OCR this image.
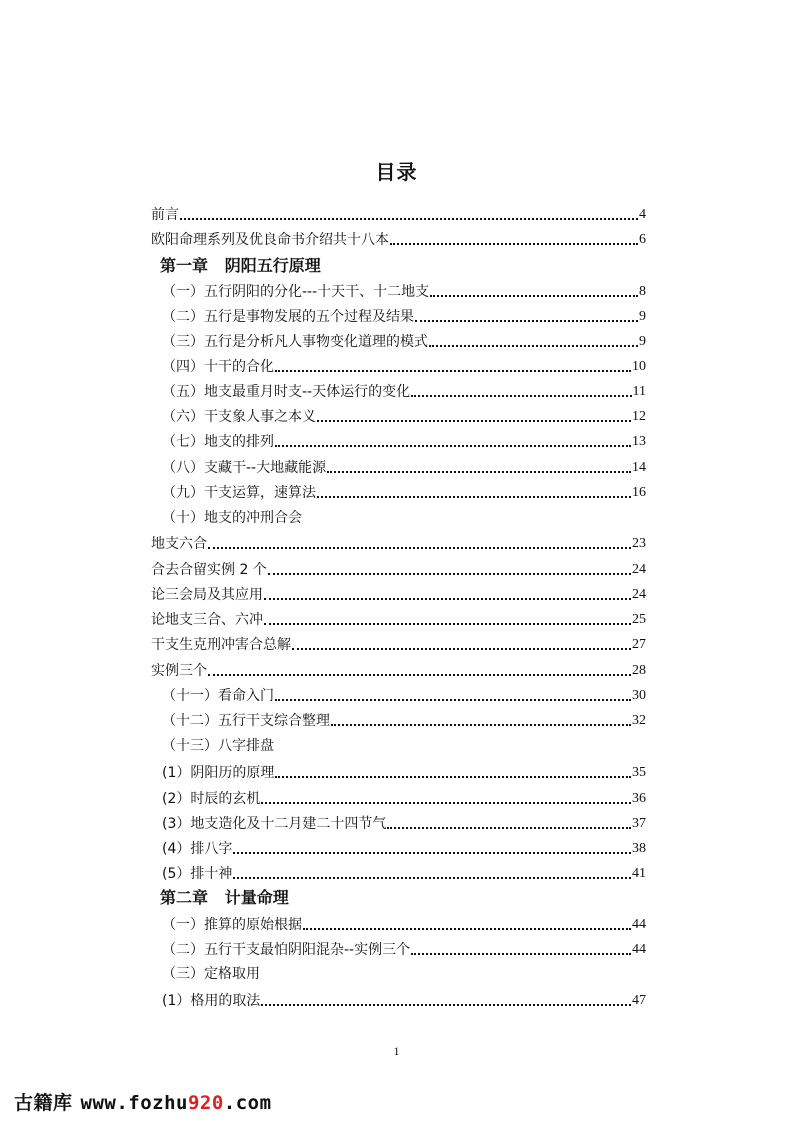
目录
前言	4
欧阳命理系列及优良命书介绍共十八本	6
第一章   阴阳五行原理
（一）五行阴阳的分化---十天干、十二地支	8
（二）五行是事物发展的五个过程及结果	9
（三）五行是分析凡人事物变化道理的模式	9
（四）十干的合化	10
（五）地支最重月时支--天体运行的变化	11
（六）干支象人事之本义	12
（七）地支的排列	13
（八）支藏干--大地藏能源	14
（九）干支运算，速算法	16
（十）地支的冲刑合会
地支六合	23
合去合留实例 2 个	24
论三会局及其应用	24
论地支三合、六冲	25
干支生克刑冲害合总解	27
实例三个	28
（十一）看命入门	30
（十二）五行干支综合整理	32
（十三）八字排盘
(1）阴阳历的原理	35
(2）时辰的玄机	36
(3）地支造化及十二月建二十四节气	37
(4）排八字	38
(5）排十神	41
第二章   计量命理
（一）推算的原始根据	44
（二）五行干支最怕阴阳混杂--实例三个	44
（三）定格取用
(1）格用的取法	47
1
古籍库 www.fozhu920.com
